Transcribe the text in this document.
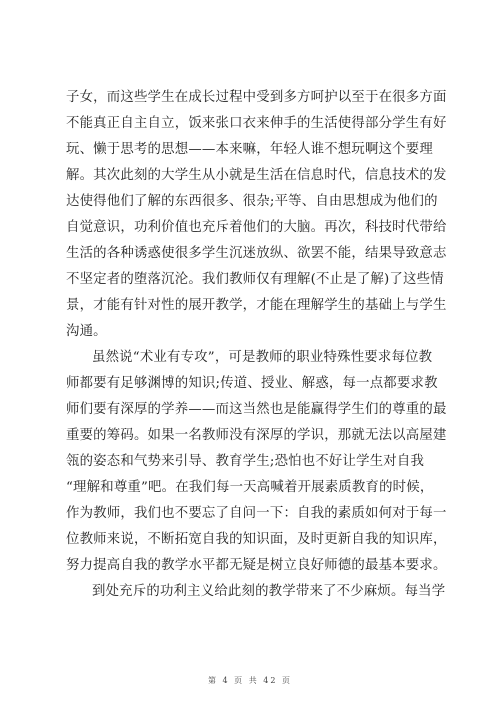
子女，而这些学生在成长过程中受到多方呵护以至于在很多方面
不能真正自主自立，饭来张口衣来伸手的生活使得部分学生有好
玩、懒于思考的思想——本来嘛，年轻人谁不想玩啊这个要理
解。其次此刻的大学生从小就是生活在信息时代，信息技术的发
达使得他们了解的东西很多、很杂;平等、自由思想成为他们的
自觉意识，功利价值也充斥着他们的大脑。再次，科技时代带给
生活的各种诱惑使很多学生沉迷放纵、欲罢不能，结果导致意志
不坚定者的堕落沉沦。我们教师仅有理解(不止是了解)了这些情
景，才能有针对性的展开教学，才能在理解学生的基础上与学生
沟通。
虽然说“术业有专攻”，可是教师的职业特殊性要求每位教
师都要有足够渊博的知识;传道、授业、解惑，每一点都要求教
师们要有深厚的学养——而这当然也是能赢得学生们的尊重的最
重要的筹码。如果一名教师没有深厚的学识，那就无法以高屋建
瓴的姿态和气势来引导、教育学生;恐怕也不好让学生对自我
“理解和尊重”吧。在我们每一天高喊着开展素质教育的时候，
作为教师，我们也不要忘了自问一下：自我的素质如何对于每一
位教师来说，不断拓宽自我的知识面，及时更新自我的知识库，
努力提高自我的教学水平都无疑是树立良好师德的最基本要求。
到处充斥的功利主义给此刻的教学带来了不少麻烦。每当学
第 4 页 共 42 页
